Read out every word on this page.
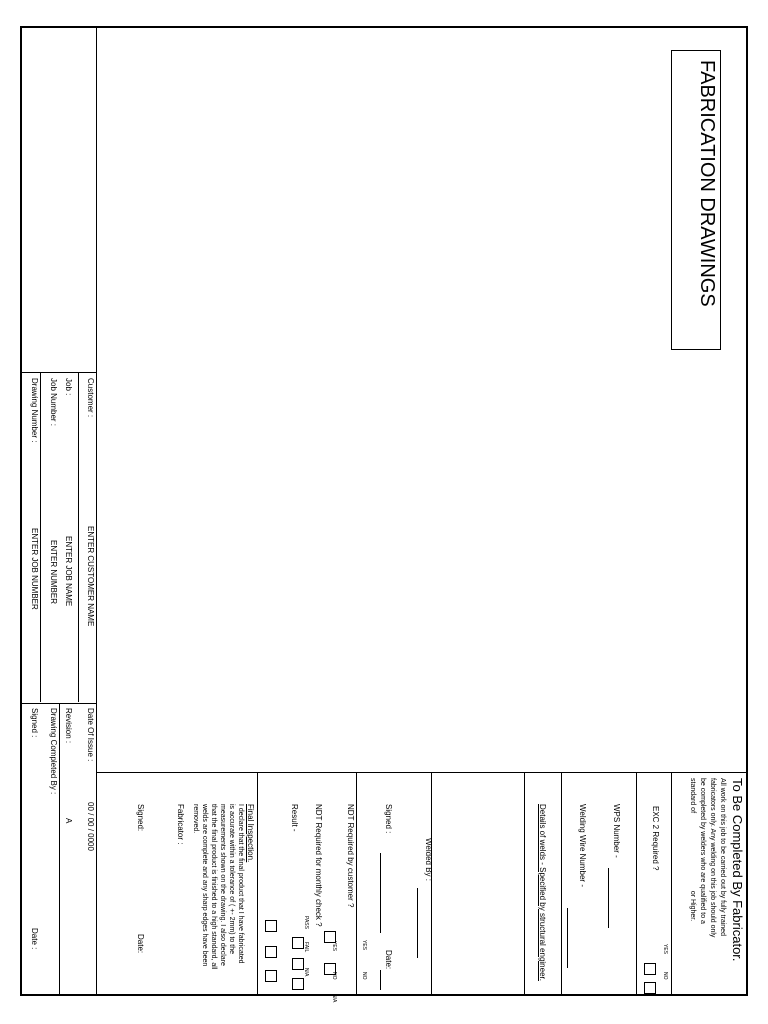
FABRICATION DRAWINGS
Customer :
ENTER CUSTOMER NAME
Job :
ENTER JOB NAME
Job Number :
ENTER NUMBER
Drawing Number :
ENTER JOB NUMBER
Date Of Issue :
00 / 00 / 0000
Revision :
A
Drawing Completed By :
Signed :
Date :	To Be Completed By Fabricator.
All work on this job to be carried out by fully trained
fabricators only. Any welding on this job should only
be completed by welders who are qualified to a
standard of                                        or Higher.
EXC 2 Required ?
YES
NO
WPS Number -
Welding Wire Number -
Details of welds - Specified by structural engineer.
Welded By :
Signed :
Date:
NDT Required by customer ?
YES
NO
NDT Required for monthly check ?
YES
NO
N/A
Result -
PASS
FAIL
N/A
Final Inspection.
I declare that the final product that I have fabricated
is accurate within a tolerance of ( +- 2mm) to the
measurements shown on the drawing. I also declare
that the final product is finished to a high standard, all
welds are complete and any sharp edges have been
removed.
Fabricator :
Signed:
Date:
